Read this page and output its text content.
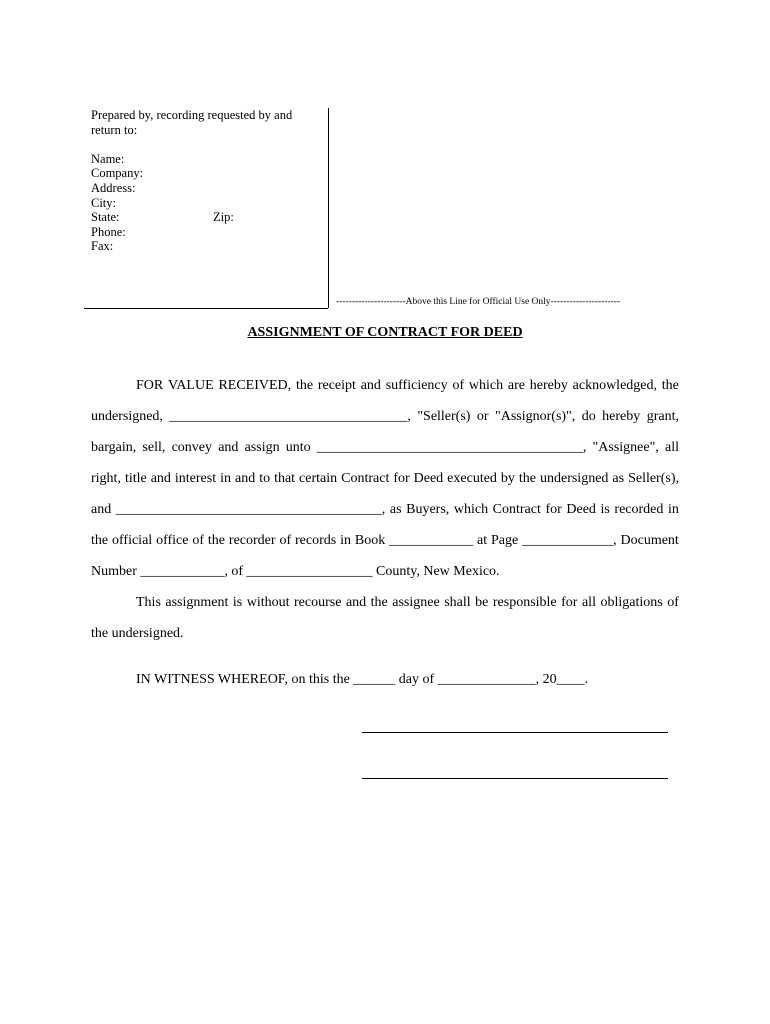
Prepared by, recording requested by and
return to:
Name:
Company:
Address:
City:
State:	Zip:
Phone:
Fax:
----------------------Above this Line for Official Use Only----------------------
ASSIGNMENT OF CONTRACT FOR DEED
FOR VALUE RECEIVED, the receipt and sufficiency of which are hereby acknowledged, the
undersigned, __________________________________, "Seller(s) or "Assignor(s)", do hereby grant,
bargain, sell, convey and assign unto ______________________________________, "Assignee", all
right, title and interest in and to that certain Contract for Deed executed by the undersigned as Seller(s),
and ______________________________________, as Buyers, which Contract for Deed is recorded in
the official office of the recorder of records in Book ____________ at Page _____________, Document
Number ____________, of __________________ County, New Mexico.
This assignment is without recourse and the assignee shall be responsible for all obligations of
the undersigned.
IN WITNESS WHEREOF, on this the ______ day of ______________, 20____.
